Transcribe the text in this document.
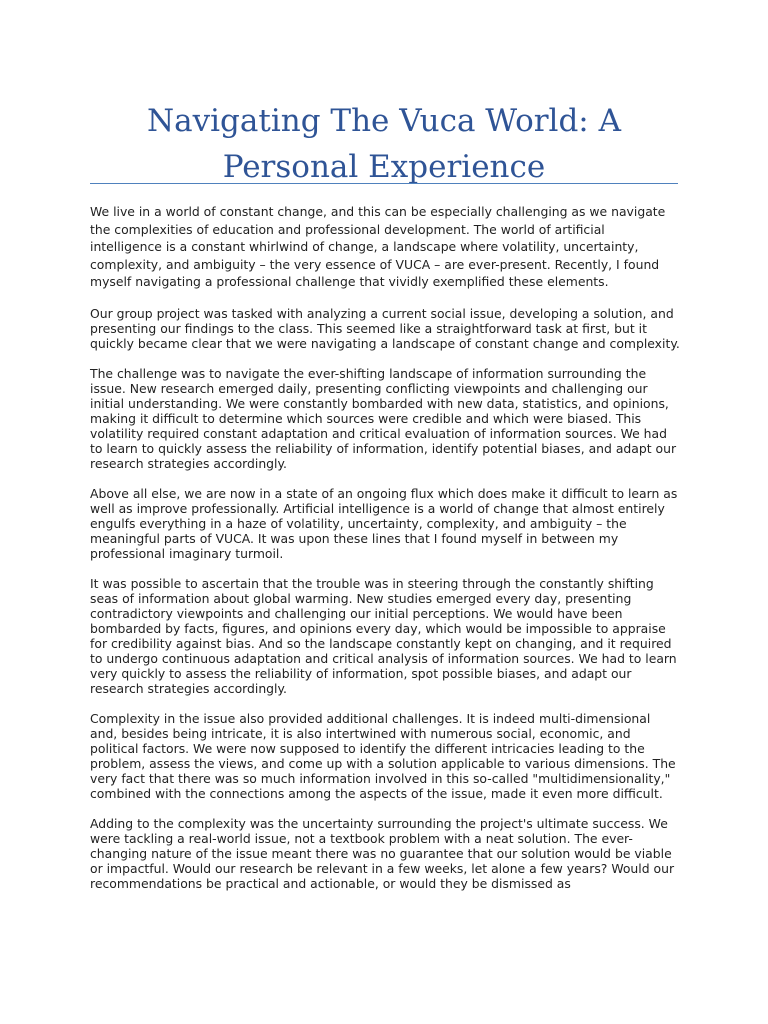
Navigating The Vuca World: A Personal Experience

We live in a world of constant change, and this can be especially challenging as we navigate the complexities of education and professional development. The world of artificial intelligence is a constant whirlwind of change, a landscape where volatility, uncertainty, complexity, and ambiguity – the very essence of VUCA – are ever-present. Recently, I found myself navigating a professional challenge that vividly exemplified these elements.

Our group project was tasked with analyzing a current social issue, developing a solution, and presenting our findings to the class. This seemed like a straightforward task at first, but it quickly became clear that we were navigating a landscape of constant change and complexity.

The challenge was to navigate the ever-shifting landscape of information surrounding the issue. New research emerged daily, presenting conflicting viewpoints and challenging our initial understanding. We were constantly bombarded with new data, statistics, and opinions, making it difficult to determine which sources were credible and which were biased. This volatility required constant adaptation and critical evaluation of information sources. We had to learn to quickly assess the reliability of information, identify potential biases, and adapt our research strategies accordingly.

Above all else, we are now in a state of an ongoing flux which does make it difficult to learn as well as improve professionally. Artificial intelligence is a world of change that almost entirely engulfs everything in a haze of volatility, uncertainty, complexity, and ambiguity – the meaningful parts of VUCA. It was upon these lines that I found myself in between my professional imaginary turmoil.

It was possible to ascertain that the trouble was in steering through the constantly shifting seas of information about global warming. New studies emerged every day, presenting contradictory viewpoints and challenging our initial perceptions. We would have been bombarded by facts, figures, and opinions every day, which would be impossible to appraise for credibility against bias. And so the landscape constantly kept on changing, and it required to undergo continuous adaptation and critical analysis of information sources. We had to learn very quickly to assess the reliability of information, spot possible biases, and adapt our research strategies accordingly.

Complexity in the issue also provided additional challenges. It is indeed multi-dimensional and, besides being intricate, it is also intertwined with numerous social, economic, and political factors. We were now supposed to identify the different intricacies leading to the problem, assess the views, and come up with a solution applicable to various dimensions. The very fact that there was so much information involved in this so-called "multidimensionality," combined with the connections among the aspects of the issue, made it even more difficult.

Adding to the complexity was the uncertainty surrounding the project's ultimate success. We were tackling a real-world issue, not a textbook problem with a neat solution. The ever-changing nature of the issue meant there was no guarantee that our solution would be viable or impactful. Would our research be relevant in a few weeks, let alone a few years? Would our recommendations be practical and actionable, or would they be dismissed as
